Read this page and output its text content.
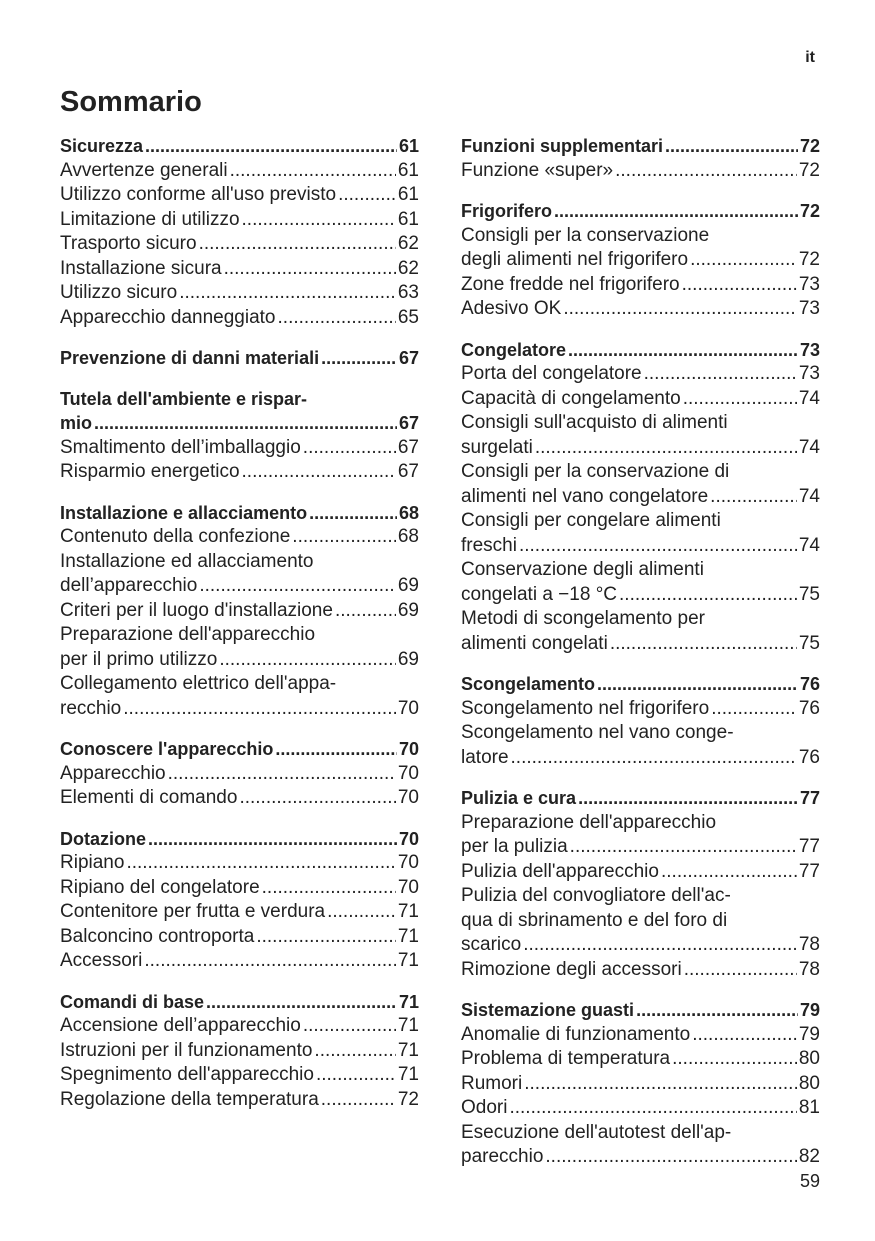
it
Sommario
Sicurezza .....	61
Avvertenze generali .....	61
Utilizzo conforme all'uso previsto .....	61
Limitazione di utilizzo .....	61
Trasporto sicuro .....	62
Installazione sicura .....	62
Utilizzo sicuro .....	63
Apparecchio danneggiato .....	65
Prevenzione di danni materiali .....	67
Tutela dell'ambiente e rispar-
mio .....	67
Smaltimento dell’imballaggio .....	67
Risparmio energetico .....	67
Installazione e allacciamento .....	68
Contenuto della confezione .....	68
Installazione ed allacciamento
dell’apparecchio .....	69
Criteri per il luogo d'installazione .....	69
Preparazione dell'apparecchio
per il primo utilizzo .....	69
Collegamento elettrico dell'appa-
recchio .....	70
Conoscere l'apparecchio .....	70
Apparecchio .....	70
Elementi di comando .....	70
Dotazione .....	70
Ripiano .....	70
Ripiano del congelatore .....	70
Contenitore per frutta e verdura .....	71
Balconcino controporta .....	71
Accessori .....	71
Comandi di base .....	71
Accensione dell’apparecchio .....	71
Istruzioni per il funzionamento .....	71
Spegnimento dell'apparecchio .....	71
Regolazione della temperatura .....	72
Funzioni supplementari .....	72
Funzione «super» .....	72
Frigorifero .....	72
Consigli per la conservazione
degli alimenti nel frigorifero .....	72
Zone fredde nel frigorifero .....	73
Adesivo OK .....	73
Congelatore .....	73
Porta del congelatore .....	73
Capacità di congelamento .....	74
Consigli sull'acquisto di alimenti
surgelati .....	74
Consigli per la conservazione di
alimenti nel vano congelatore .....	74
Consigli per congelare alimenti
freschi .....	74
Conservazione degli alimenti
congelati a −18 °C .....	75
Metodi di scongelamento per
alimenti congelati .....	75
Scongelamento .....	76
Scongelamento nel frigorifero .....	76
Scongelamento nel vano conge-
latore .....	76
Pulizia e cura .....	77
Preparazione dell'apparecchio
per la pulizia .....	77
Pulizia dell'apparecchio .....	77
Pulizia del convogliatore dell'ac-
qua di sbrinamento e del foro di
scarico .....	78
Rimozione degli accessori .....	78
Sistemazione guasti .....	79
Anomalie di funzionamento .....	79
Problema di temperatura .....	80
Rumori .....	80
Odori .....	81
Esecuzione dell'autotest dell'ap-
parecchio .....	82
59
